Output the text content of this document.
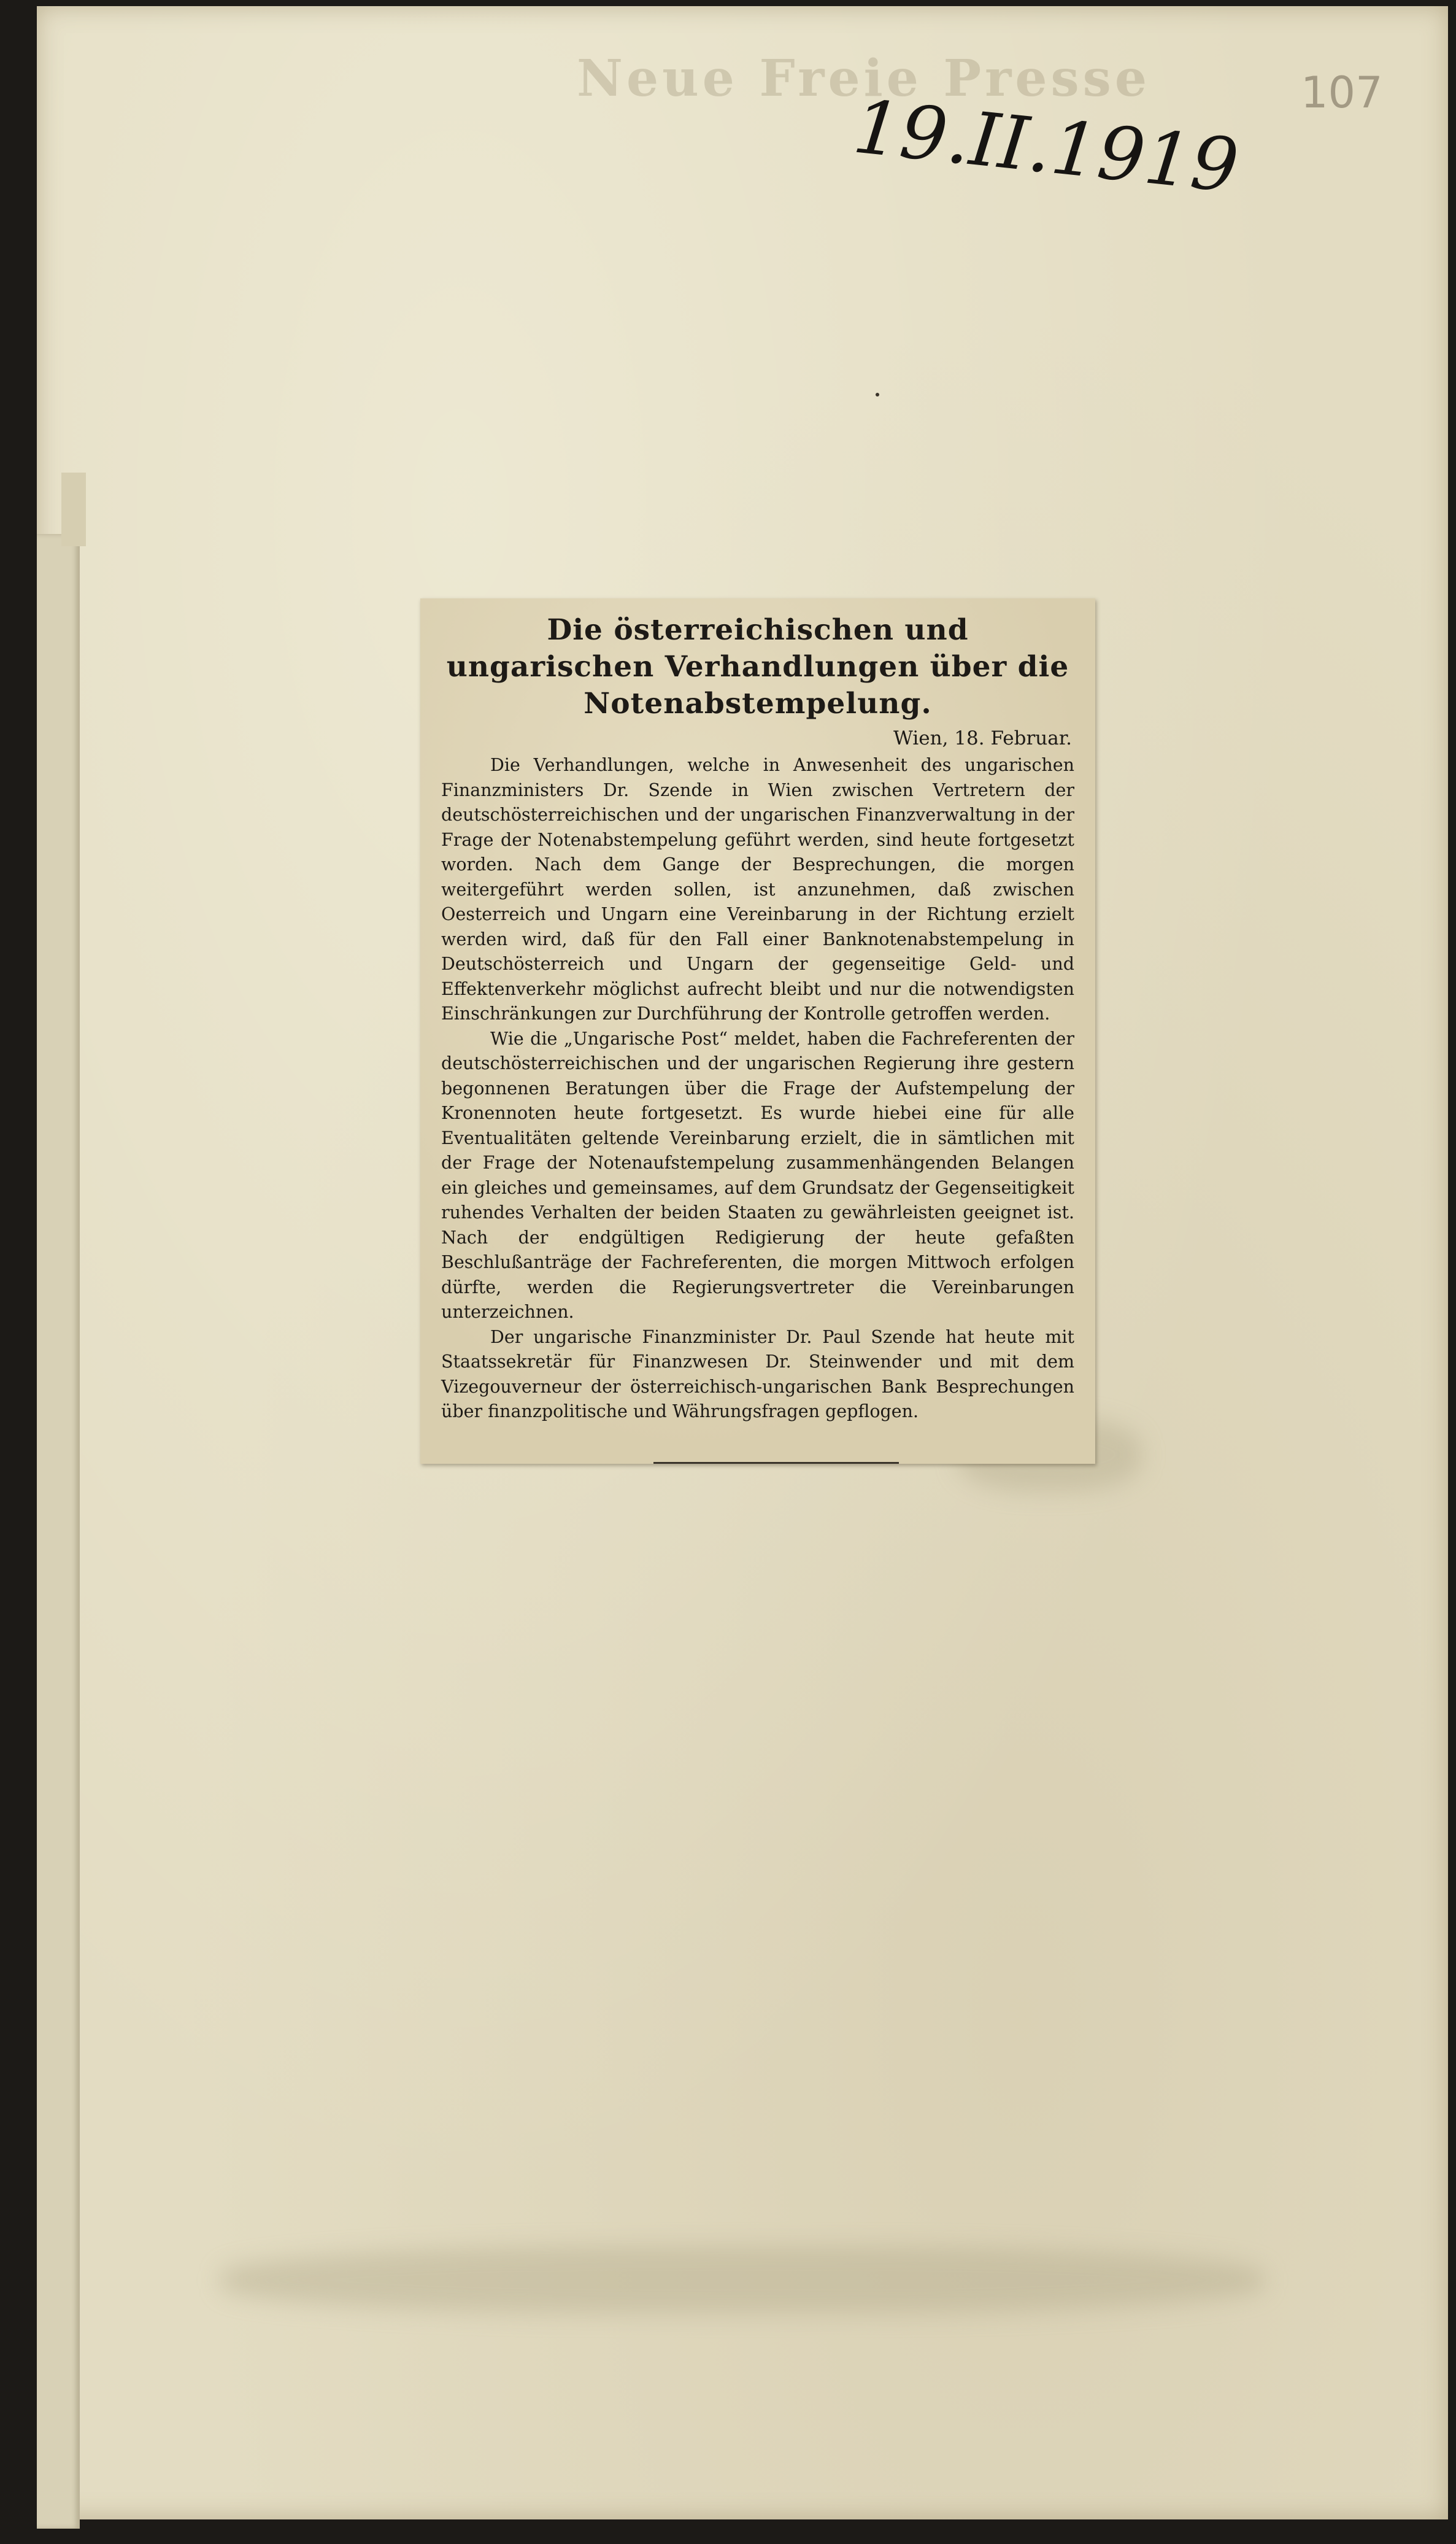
Neue Freie Presse
19.II.1919 107
Die österreichischen und ungarischen Verhandlungen über die Notenabstempelung.
Wien, 18. Februar.

Die Verhandlungen, welche in Anwesenheit des ungarischen Finanzministers Dr. Szende in Wien zwischen Vertretern der deutschösterreichischen und der ungarischen Finanzverwaltung in der Frage der Notenabstempelung geführt werden, sind heute fortgesetzt worden. Nach dem Gange der Besprechungen, die morgen weitergeführt werden sollen, ist anzunehmen, daß zwischen Oesterreich und Ungarn eine Vereinbarung in der Richtung erzielt werden wird, daß für den Fall einer Banknotenabstempelung in Deutschösterreich und Ungarn der gegenseitige Geld- und Effektenverkehr möglichst aufrecht bleibt und nur die notwendigsten Einschränkungen zur Durchführung der Kontrolle getroffen werden.

Wie die „Ungarische Post“ meldet, haben die Fachreferenten der deutschösterreichischen und der ungarischen Regierung ihre gestern begonnenen Beratungen über die Frage der Aufstempelung der Kronennoten heute fortgesetzt. Es wurde hiebei eine für alle Eventualitäten geltende Vereinbarung erzielt, die in sämtlichen mit der Frage der Notenaufstempelung zusammenhängenden Belangen ein gleiches und gemeinsames, auf dem Grundsatz der Gegenseitigkeit ruhendes Verhalten der beiden Staaten zu gewährleisten geeignet ist. Nach der endgültigen Redigierung der heute gefaßten Beschlußanträge der Fachreferenten, die morgen Mittwoch erfolgen dürfte, werden die Regierungsvertreter die Vereinbarungen unterzeichnen.

Der ungarische Finanzminister Dr. Paul Szende hat heute mit Staatssekretär für Finanzwesen Dr. Steinwender und mit dem Vizegouverneur der österreichisch-ungarischen Bank Besprechungen über finanzpolitische und Währungsfragen gepflogen.
